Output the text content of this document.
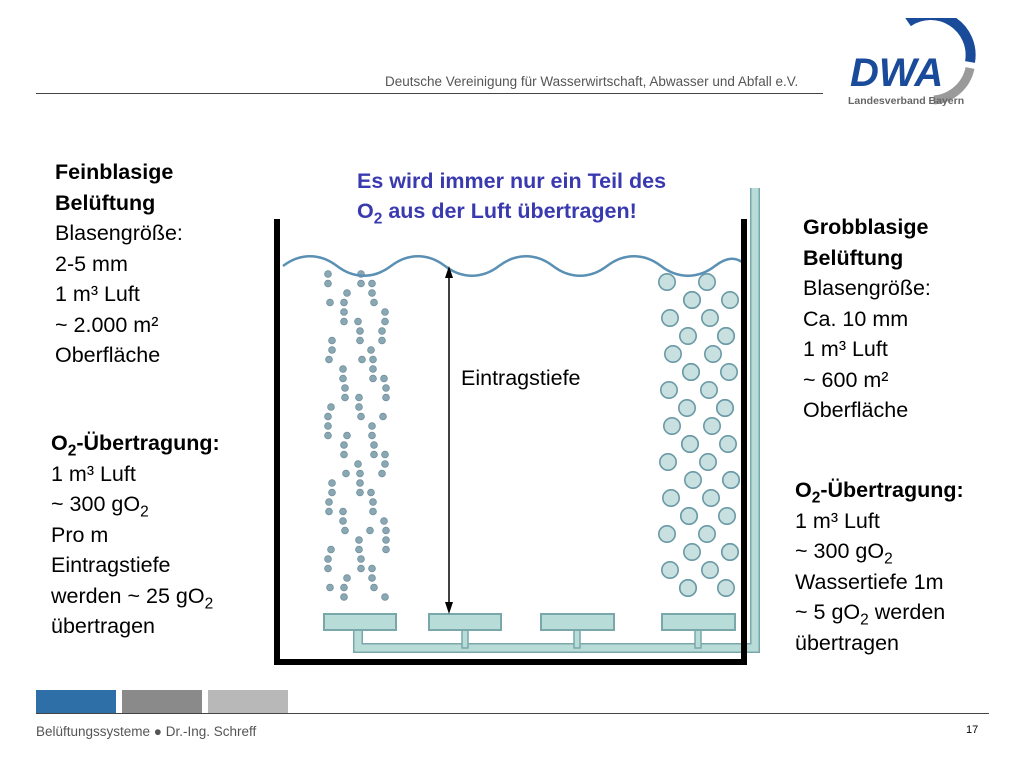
Deutsche Vereinigung für Wasserwirtschaft, Abwasser und Abfall e.V. DWA
Landesverband Bayern
Es wird immer nur ein Teil des
$O_2$ aus der Luft übertragen!
Eintragstiefe
Feinblasige
Belüftung
Blasengröße:
2-5 mm
1 m³ Luft
~ 2.000 m²
Oberfläche
$O_2$-Übertragung:
1 m³ Luft
~ 300 $gO_2$
Pro m
Eintragstiefe
werden ~ 25 $gO_2$
übertragen
Grobblasige
Belüftung
Blasengröße:
Ca. 10 mm
1 m³ Luft
~ 600 m²
Oberfläche
$O_2$-Übertragung:
1 m³ Luft
~ 300 $gO_2$
Wassertiefe 1m
~ 5 $gO_2$ werden
übertragen
Belüftungssysteme ● Dr.-Ing. Schreff	17
